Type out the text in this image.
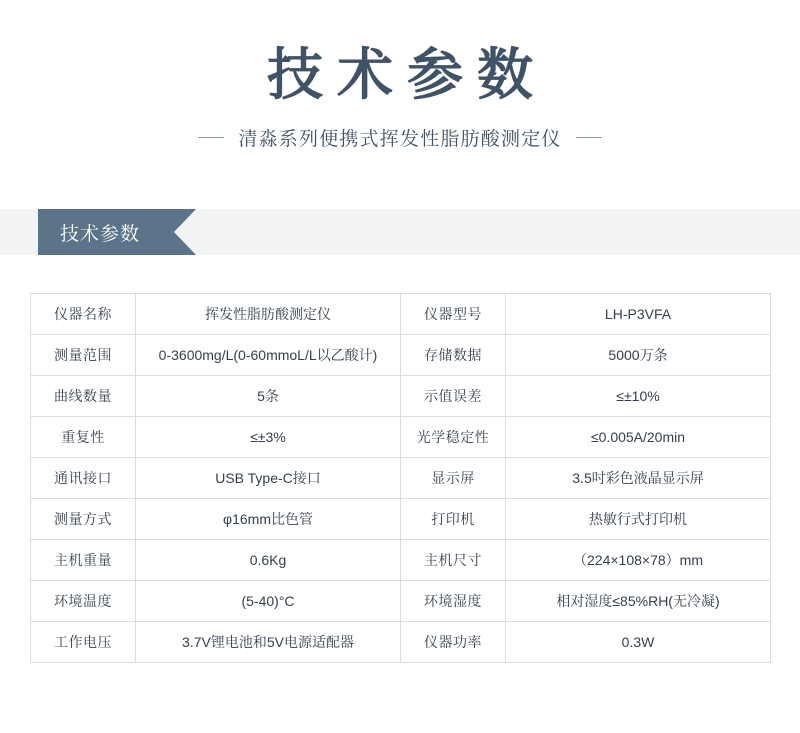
技术参数
清淼系列便携式挥发性脂肪酸测定仪
技术参数
仪器名称	挥发性脂肪酸测定仪	仪器型号	LH-P3VFA
测量范围	0-3600mg/L(0-60mmoL/L以乙酸计)	存储数据	5000万条
曲线数量	5条	示值误差	≤±10%
重复性	≤±3%	光学稳定性	≤0.005A/20min
通讯接口	USB Type-C接口	显示屏	3.5吋彩色液晶显示屏
测量方式	φ16mm比色管	打印机	热敏行式打印机
主机重量	0.6Kg	主机尺寸	（224×108×78）mm
环境温度	(5-40)°C	环境湿度	相对湿度≤85%RH(无冷凝)
工作电压	3.7V锂电池和5V电源适配器	仪器功率	0.3W
